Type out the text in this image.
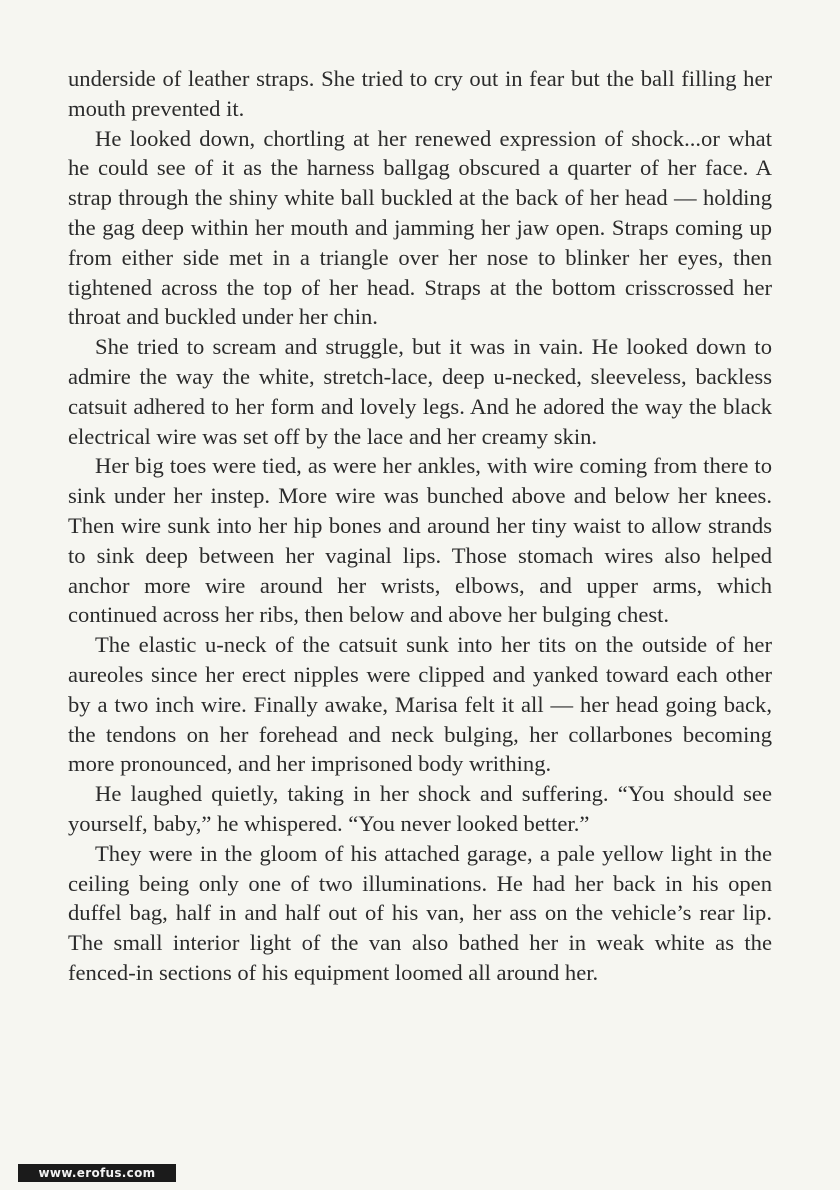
underside of leather straps. She tried to cry out in fear but the ball filling her mouth prevented it.

He looked down, chortling at her renewed expression of shock...or what he could see of it as the harness ballgag obscured a quarter of her face. A strap through the shiny white ball buckled at the back of her head — holding the gag deep within her mouth and jamming her jaw open. Straps coming up from either side met in a triangle over her nose to blinker her eyes, then tightened across the top of her head. Straps at the bottom crisscrossed her throat and buckled under her chin.

She tried to scream and struggle, but it was in vain. He looked down to admire the way the white, stretch-lace, deep u-necked, sleeveless, backless catsuit adhered to her form and lovely legs. And he adored the way the black electrical wire was set off by the lace and her creamy skin.

Her big toes were tied, as were her ankles, with wire coming from there to sink under her instep. More wire was bunched above and below her knees. Then wire sunk into her hip bones and around her tiny waist to allow strands to sink deep between her vaginal lips. Those stomach wires also helped anchor more wire around her wrists, elbows, and upper arms, which continued across her ribs, then below and above her bulging chest.

The elastic u-neck of the catsuit sunk into her tits on the outside of her aureoles since her erect nipples were clipped and yanked toward each other by a two inch wire. Finally awake, Marisa felt it all — her head going back, the tendons on her forehead and neck bulging, her collarbones becoming more pronounced, and her imprisoned body writhing.

He laughed quietly, taking in her shock and suffering. “You should see yourself, baby,” he whispered. “You never looked better.”

They were in the gloom of his attached garage, a pale yellow light in the ceiling being only one of two illuminations. He had her back in his open duffel bag, half in and half out of his van, her ass on the vehicle’s rear lip. The small interior light of the van also bathed her in weak white as the fenced-in sections of his equipment loomed all around her.

www.erofus.com
